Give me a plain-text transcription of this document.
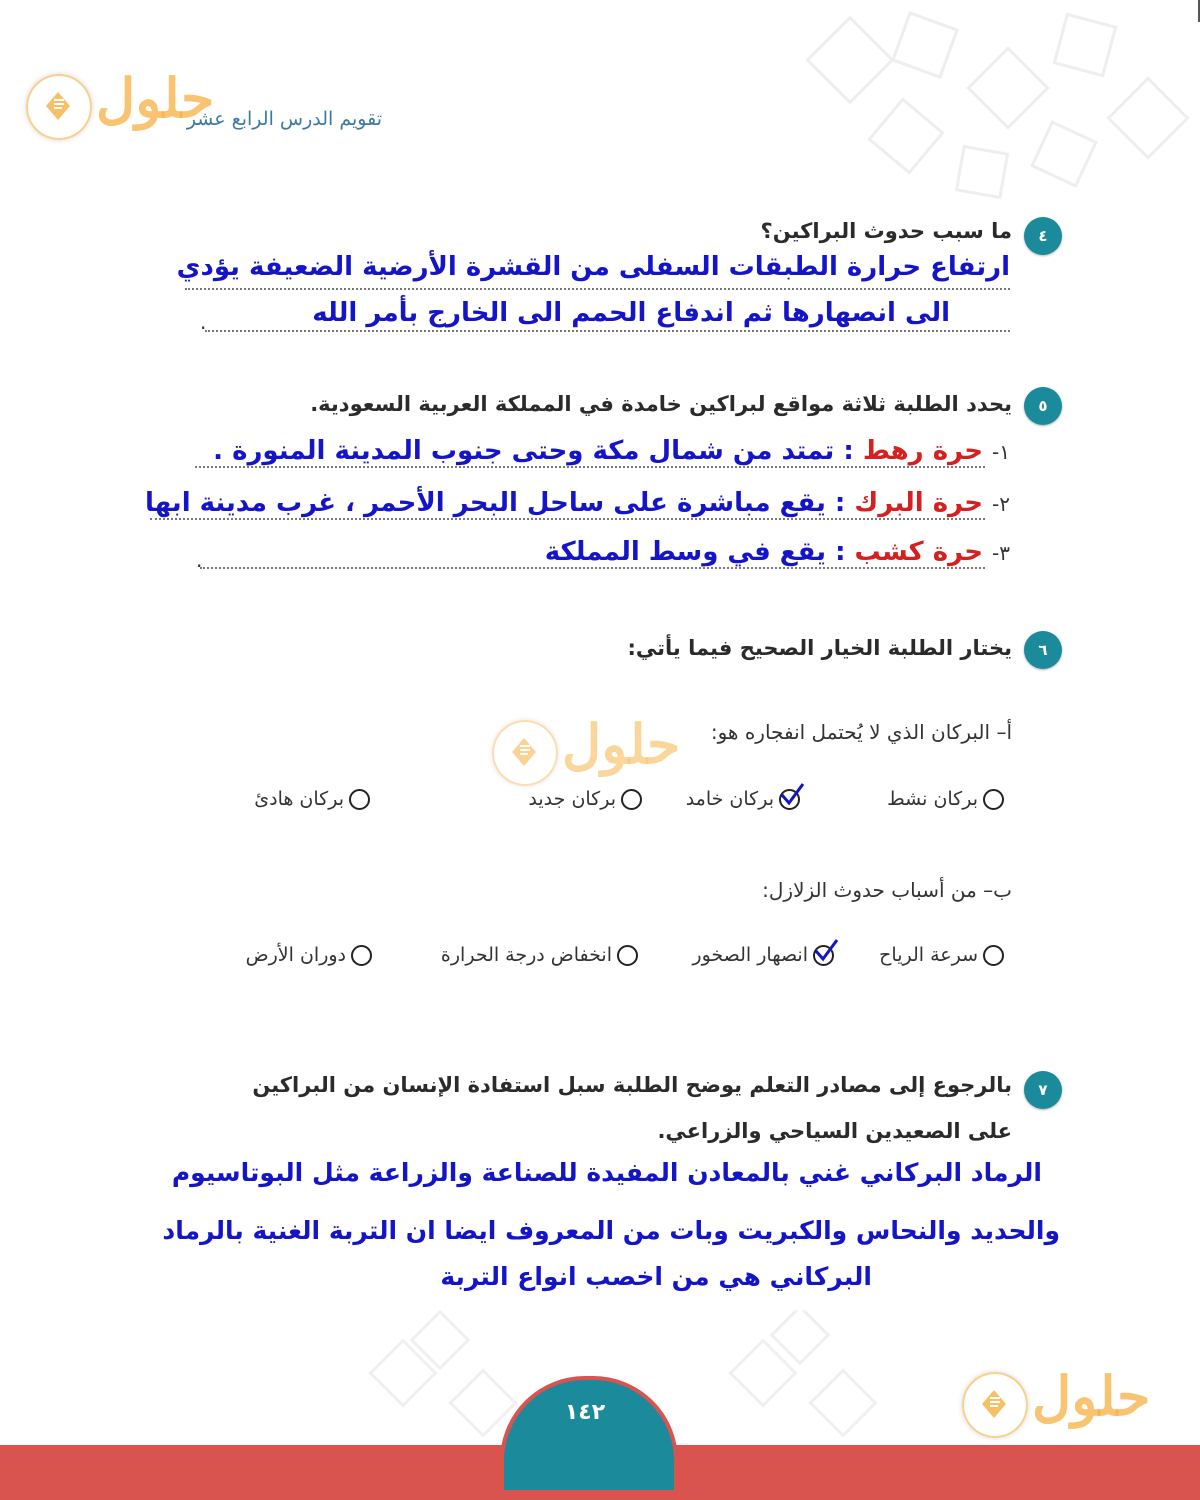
حلول
تقويم الدرس الرابع عشر
٤
ما سبب حدوث البراكين؟
ارتفاع حرارة الطبقات السفلى من القشرة الأرضية الضعيفة يؤدي
الى انصهارها ثم اندفاع الحمم الى الخارج بأمر الله
.
٥
يحدد الطلبة ثلاثة مواقع لبراكين خامدة في المملكة العربية السعودية.
١- حرة رهط : تمتد من شمال مكة وحتى جنوب المدينة المنورة .
٢- حرة البرك : يقع مباشرة على ساحل البحر الأحمر ، غرب مدينة ابها
٣- حرة كشب : يقع في وسط المملكة
.
٦
يختار الطلبة الخيار الصحيح فيما يأتي:
أ– البركان الذي لا يُحتمل انفجاره هو:
حلول
بركان نشط
بركان خامد
بركان جديد
بركان هادئ
ب– من أسباب حدوث الزلازل:
سرعة الرياح
انصهار الصخور
انخفاض درجة الحرارة
دوران الأرض
٧
بالرجوع إلى مصادر التعلم يوضح الطلبة سبل استفادة الإنسان من البراكين
على الصعيدين السياحي والزراعي.
الرماد البركاني غني بالمعادن المفيدة للصناعة والزراعة مثل البوتاسيوم
والحديد والنحاس والكبريت وبات من المعروف ايضا ان التربة الغنية بالرماد
البركاني هي من اخصب انواع التربة
حلول
١٤٢
